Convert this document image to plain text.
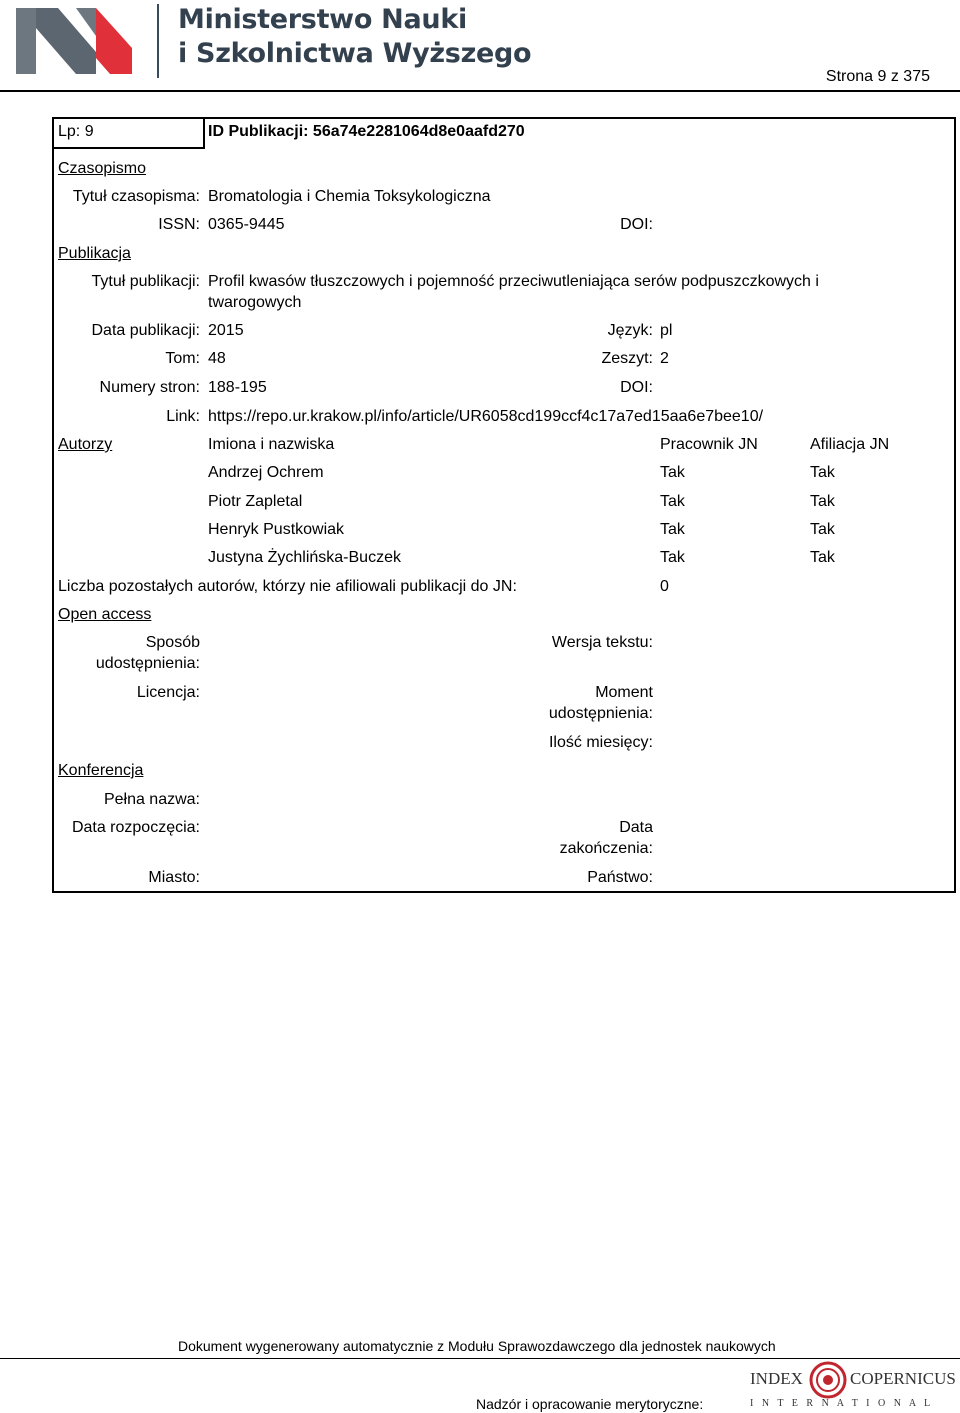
Ministerstwo Nauki
i Szkolnictwa Wyższego
Strona 9 z 375
Lp: 9	ID Publikacji: 56a74e2281064d8e0aafd270
Czasopismo
Tytuł czasopisma: Bromatologia i Chemia Toksykologiczna
ISSN: 0365-9445	DOI:
Publikacja
Tytuł publikacji: Profil kwasów tłuszczowych i pojemność przeciwutleniająca serów podpuszczkowych i
twarogowych
Data publikacji: 2015	Język: pl
Tom: 48	Zeszyt: 2
Numery stron: 188-195	DOI:
Link: https://repo.ur.krakow.pl/info/article/UR6058cd199ccf4c17a7ed15aa6e7bee10/
Autorzy	Imiona i nazwiska	Pracownik JN	Afiliacja JN
Andrzej Ochrem	Tak	Tak
Piotr Zapletal	Tak	Tak
Henryk Pustkowiak	Tak	Tak
Justyna Żychlińska-Buczek	Tak	Tak
Liczba pozostałych autorów, którzy nie afiliowali publikacji do JN:	0
Open access
Sposób
udostępnienia:
Wersja tekstu:
Licencja:	Moment
udostępnienia:
Ilość miesięcy:
Konferencja
Pełna nazwa:
Data rozpoczęcia:	Data
zakończenia:
Miasto:	Państwo:
Dokument wygenerowany automatycznie z Modułu Sprawozdawczego dla jednostek naukowych
Nadzór i opracowanie merytoryczne:
INDEX	COPERNICUS
I N T E R N A T I O N A L
